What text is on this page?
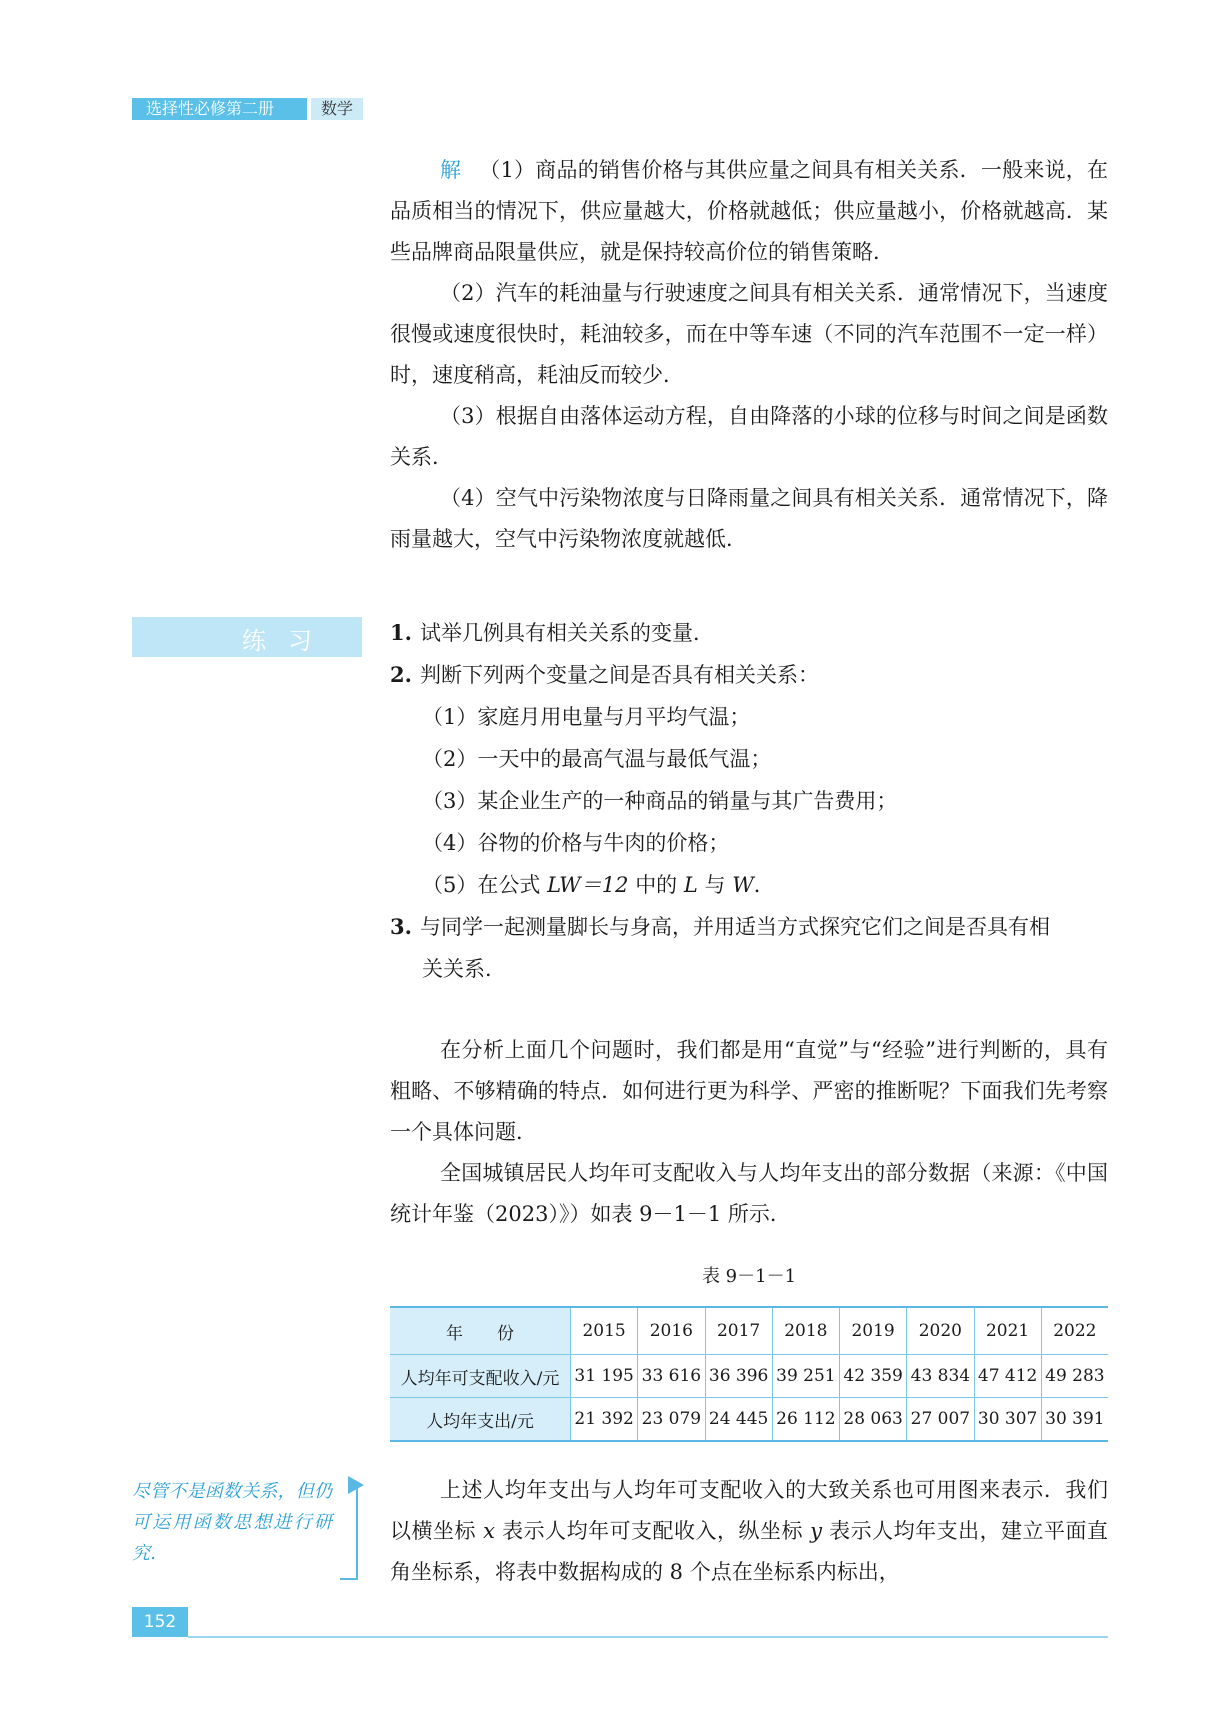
选择性必修第二册	数学

解 （1）商品的销售价格与其供应量之间具有相关关系．一般来说，在品质相当的情况下，供应量越大，价格就越低；供应量越小，价格就越高．某些品牌商品限量供应，就是保持较高价位的销售策略．

（2）汽车的耗油量与行驶速度之间具有相关关系．通常情况下，当速度很慢或速度很快时，耗油较多，而在中等车速（不同的汽车范围不一定一样）时，速度稍高，耗油反而较少．

（3）根据自由落体运动方程，自由降落的小球的位移与时间之间是函数关系．

（4）空气中污染物浓度与日降雨量之间具有相关关系．通常情况下，降雨量越大，空气中污染物浓度就越低．

练习	1. 试举几例具有相关关系的变量．
2. 判断下列两个变量之间是否具有相关关系：
（1）家庭月用电量与月平均气温；
（2）一天中的最高气温与最低气温；
（3）某企业生产的一种商品的销量与其广告费用；
（4）谷物的价格与牛肉的价格；
（5）在公式 LW＝12 中的 L 与 W．
3. 与同学一起测量脚长与身高，并用适当方式探究它们之间是否具有相
关关系．

在分析上面几个问题时，我们都是用“直觉”与“经验”进行判断的，具有粗略、不够精确的特点．如何进行更为科学、严密的推断呢？下面我们先考察一个具体问题．

全国城镇居民人均年可支配收入与人均年支出的部分数据（来源：《中国统计年鉴（2023）》）如表 9－1－1 所示．

表 9－1－1
年　　份	2015	2016	2017	2018	2019	2020	2021	2022
人均年可支配收入/元	31 195	33 616	36 396	39 251	42 359	43 834	47 412	49 283
人均年支出/元	21 392	23 079	24 445	26 112	28 063	27 007	30 307	30 391
尽管不是函数关系，但仍可运用函数思想进行研究．

上述人均年支出与人均年可支配收入的大致关系也可用图来表示．我们以横坐标 x 表示人均年可支配收入，纵坐标 y 表示人均年支出，建立平面直角坐标系，将表中数据构成的 8 个点在坐标系内标出，

152
